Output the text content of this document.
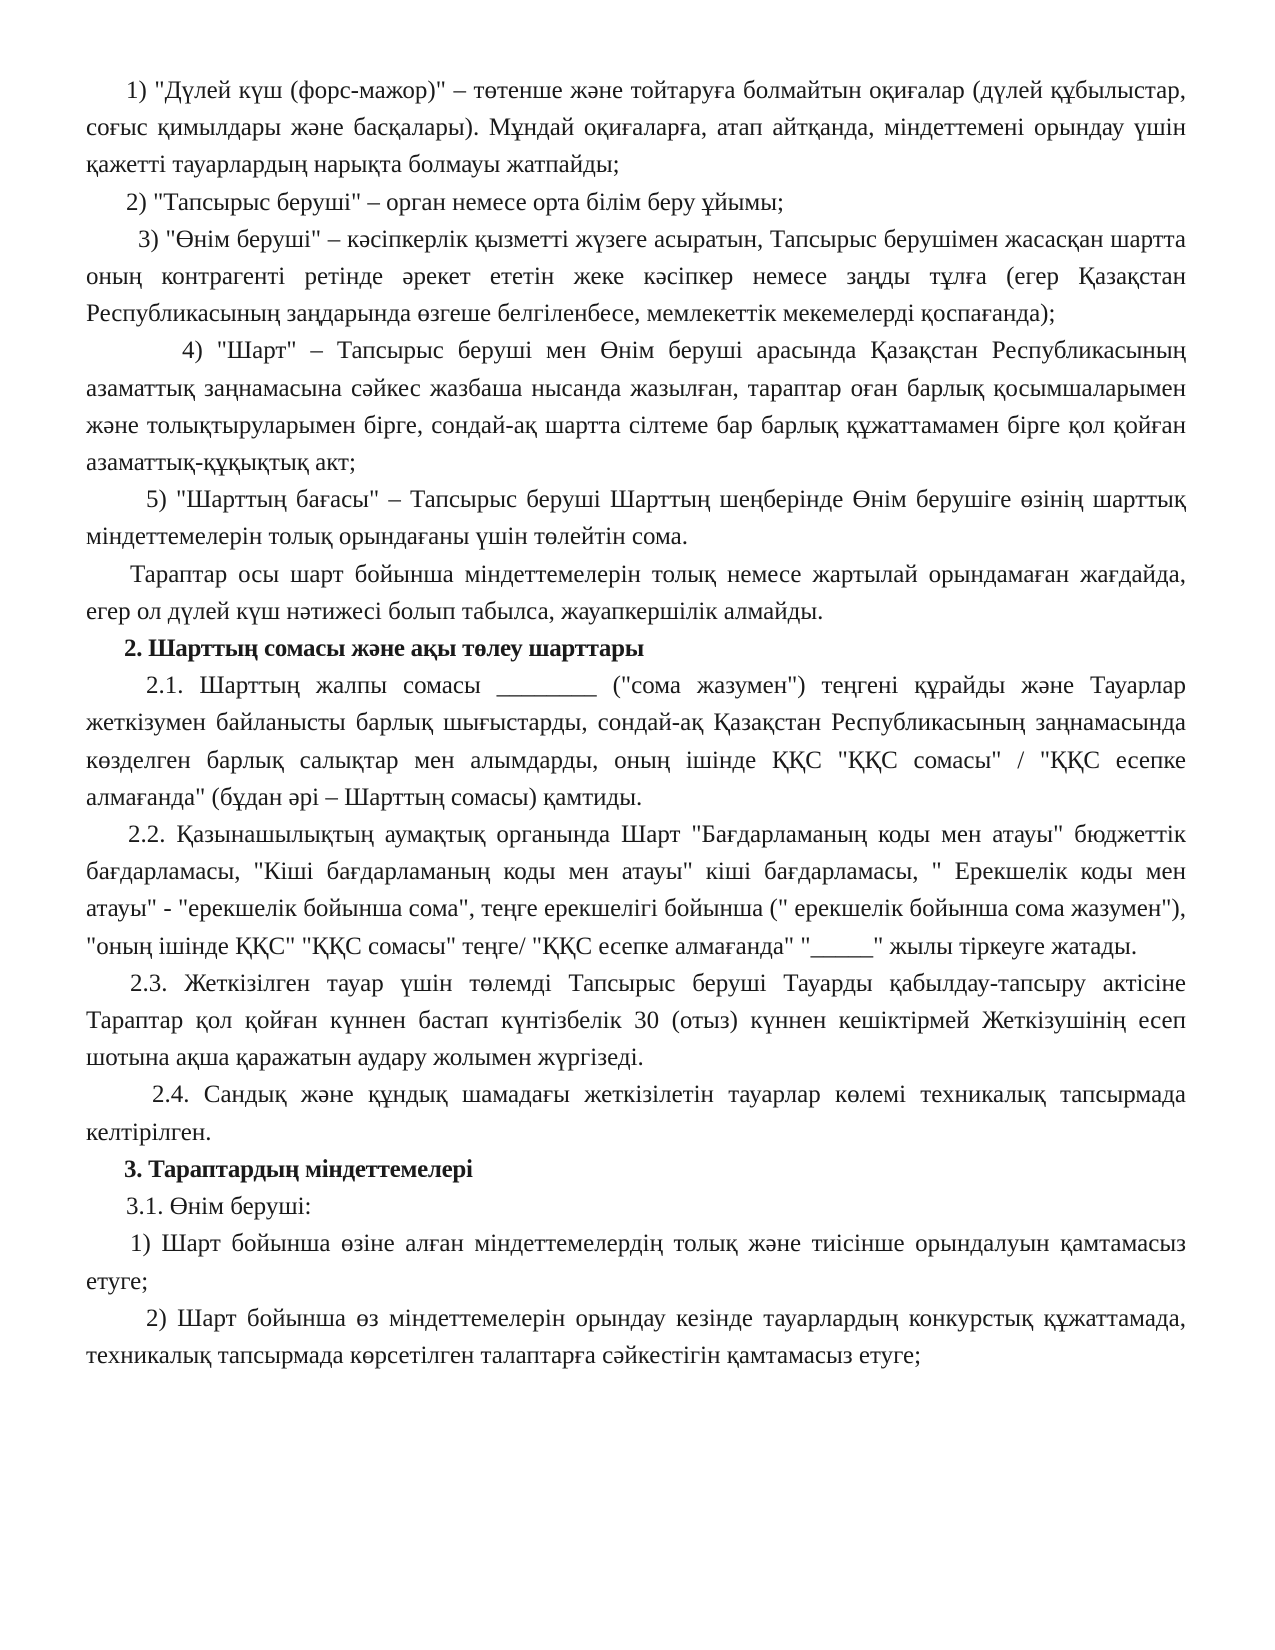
1) "Дүлей күш (форс-мажор)" – төтенше және тойтаруға болмайтын оқиғалар (дүлей құбылыстар, соғыс қимылдары және басқалары). Мұндай оқиғаларға, атап айтқанда, міндеттемені орындау үшін қажетті тауарлардың нарықта болмауы жатпайды;

2) "Тапсырыс беруші" – орган немесе орта білім беру ұйымы;

3) "Өнім беруші" – кәсіпкерлік қызметті жүзеге асыратын, Тапсырыс берушімен жасасқан шартта оның контрагенті ретінде әрекет ететін жеке кәсіпкер немесе заңды тұлға (егер Қазақстан Республикасының заңдарында өзгеше белгіленбесе, мемлекеттік мекемелерді қоспағанда);

4) "Шарт" – Тапсырыс беруші мен Өнім беруші арасында Қазақстан Республикасының азаматтық заңнамасына сәйкес жазбаша нысанда жазылған, тараптар оған барлық қосымшаларымен және толықтыруларымен бірге, сондай-ақ шартта сілтеме бар барлық құжаттамамен бірге қол қойған азаматтық-құқықтық акт;

5) "Шарттың бағасы" – Тапсырыс беруші Шарттың шеңберінде Өнім берушіге өзінің шарттық міндеттемелерін толық орындағаны үшін төлейтін сома.

Тараптар осы шарт бойынша міндеттемелерін толық немесе жартылай орындамаған жағдайда, егер ол дүлей күш нәтижесі болып табылса, жауапкершілік алмайды.

2. Шарттың сомасы және ақы төлеу шарттары

2.1. Шарттың жалпы сомасы ________ ("сома жазумен") теңгені құрайды және Тауарлар жеткізумен байланысты барлық шығыстарды, сондай-ақ Қазақстан Республикасының заңнамасында көзделген барлық салықтар мен алымдарды, оның ішінде ҚҚС "ҚҚС сомасы" / "ҚҚС есепке алмағанда" (бұдан әрі – Шарттың сомасы) қамтиды.

2.2. Қазынашылықтың аумақтық органында Шарт "Бағдарламаның коды мен атауы" бюджеттік бағдарламасы, "Кіші бағдарламаның коды мен атауы" кіші бағдарламасы, " Ерекшелік коды мен атауы" - "ерекшелік бойынша сома", теңге ерекшелігі бойынша (" ерекшелік бойынша сома жазумен"), "оның ішінде ҚҚС" "ҚҚС сомасы" теңге/ "ҚҚС есепке алмағанда" "_____" жылы тіркеуге жатады.

2.3. Жеткізілген тауар үшін төлемді Тапсырыс беруші Тауарды қабылдау-тапсыру актісіне Тараптар қол қойған күннен бастап күнтізбелік 30 (отыз) күннен кешіктірмей Жеткізушінің есеп шотына ақша қаражатын аудару жолымен жүргізеді.

2.4. Сандық және құндық шамадағы жеткізілетін тауарлар көлемі техникалық тапсырмада келтірілген.

3. Тараптардың міндеттемелері

3.1. Өнім беруші:

1) Шарт бойынша өзіне алған міндеттемелердің толық және тиісінше орындалуын қамтамасыз етуге;

2) Шарт бойынша өз міндеттемелерін орындау кезінде тауарлардың конкурстық құжаттамада, техникалық тапсырмада көрсетілген талаптарға сәйкестігін қамтамасыз етуге;
